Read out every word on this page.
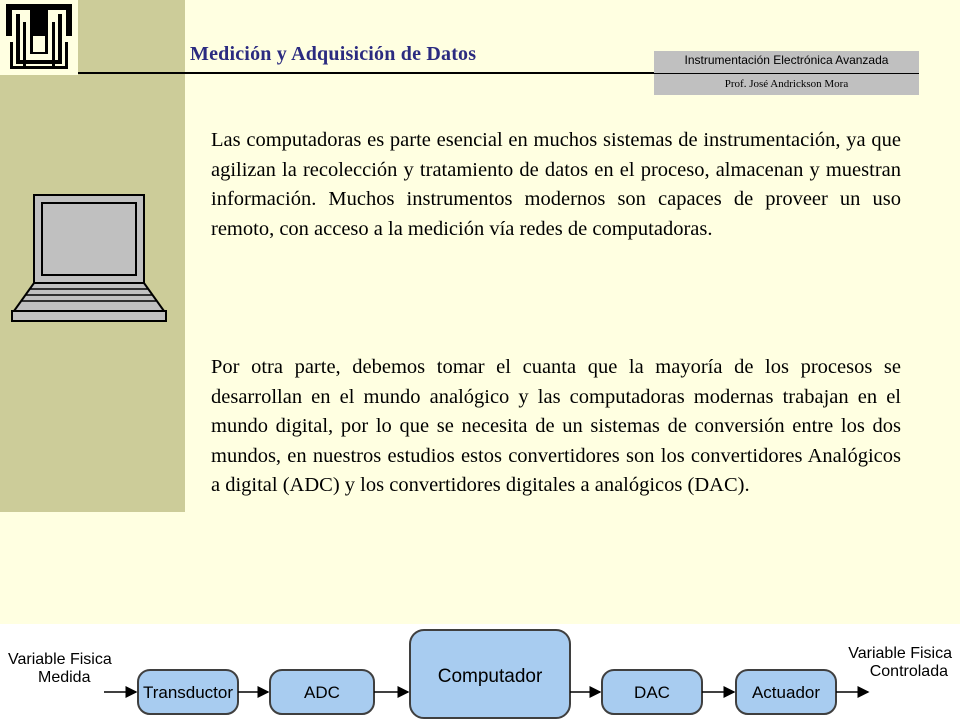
Medición y Adquisición de Datos	Instrumentación Electrónica Avanzada
Prof. José Andrickson Mora

Las computadoras es parte esencial en muchos sistemas de instrumentación, ya que agilizan la recolección y tratamiento de datos en el proceso, almacenan y muestran información. Muchos instrumentos modernos son capaces de proveer un uso remoto, con acceso a la medición vía redes de computadoras.

Por otra parte, debemos tomar el cuanta que la mayoría de los procesos se desarrollan en el mundo analógico y las computadoras modernas trabajan en el mundo digital, por lo que se necesita de un sistemas de conversión entre los dos mundos, en nuestros estudios estos convertidores son los convertidores Analógicos a digital (ADC) y los convertidores digitales a analógicos (DAC).

Variable Fisica
Medida
Transductor	ADC
Computador
DAC	Actuador
Variable Fisica
Controlada
